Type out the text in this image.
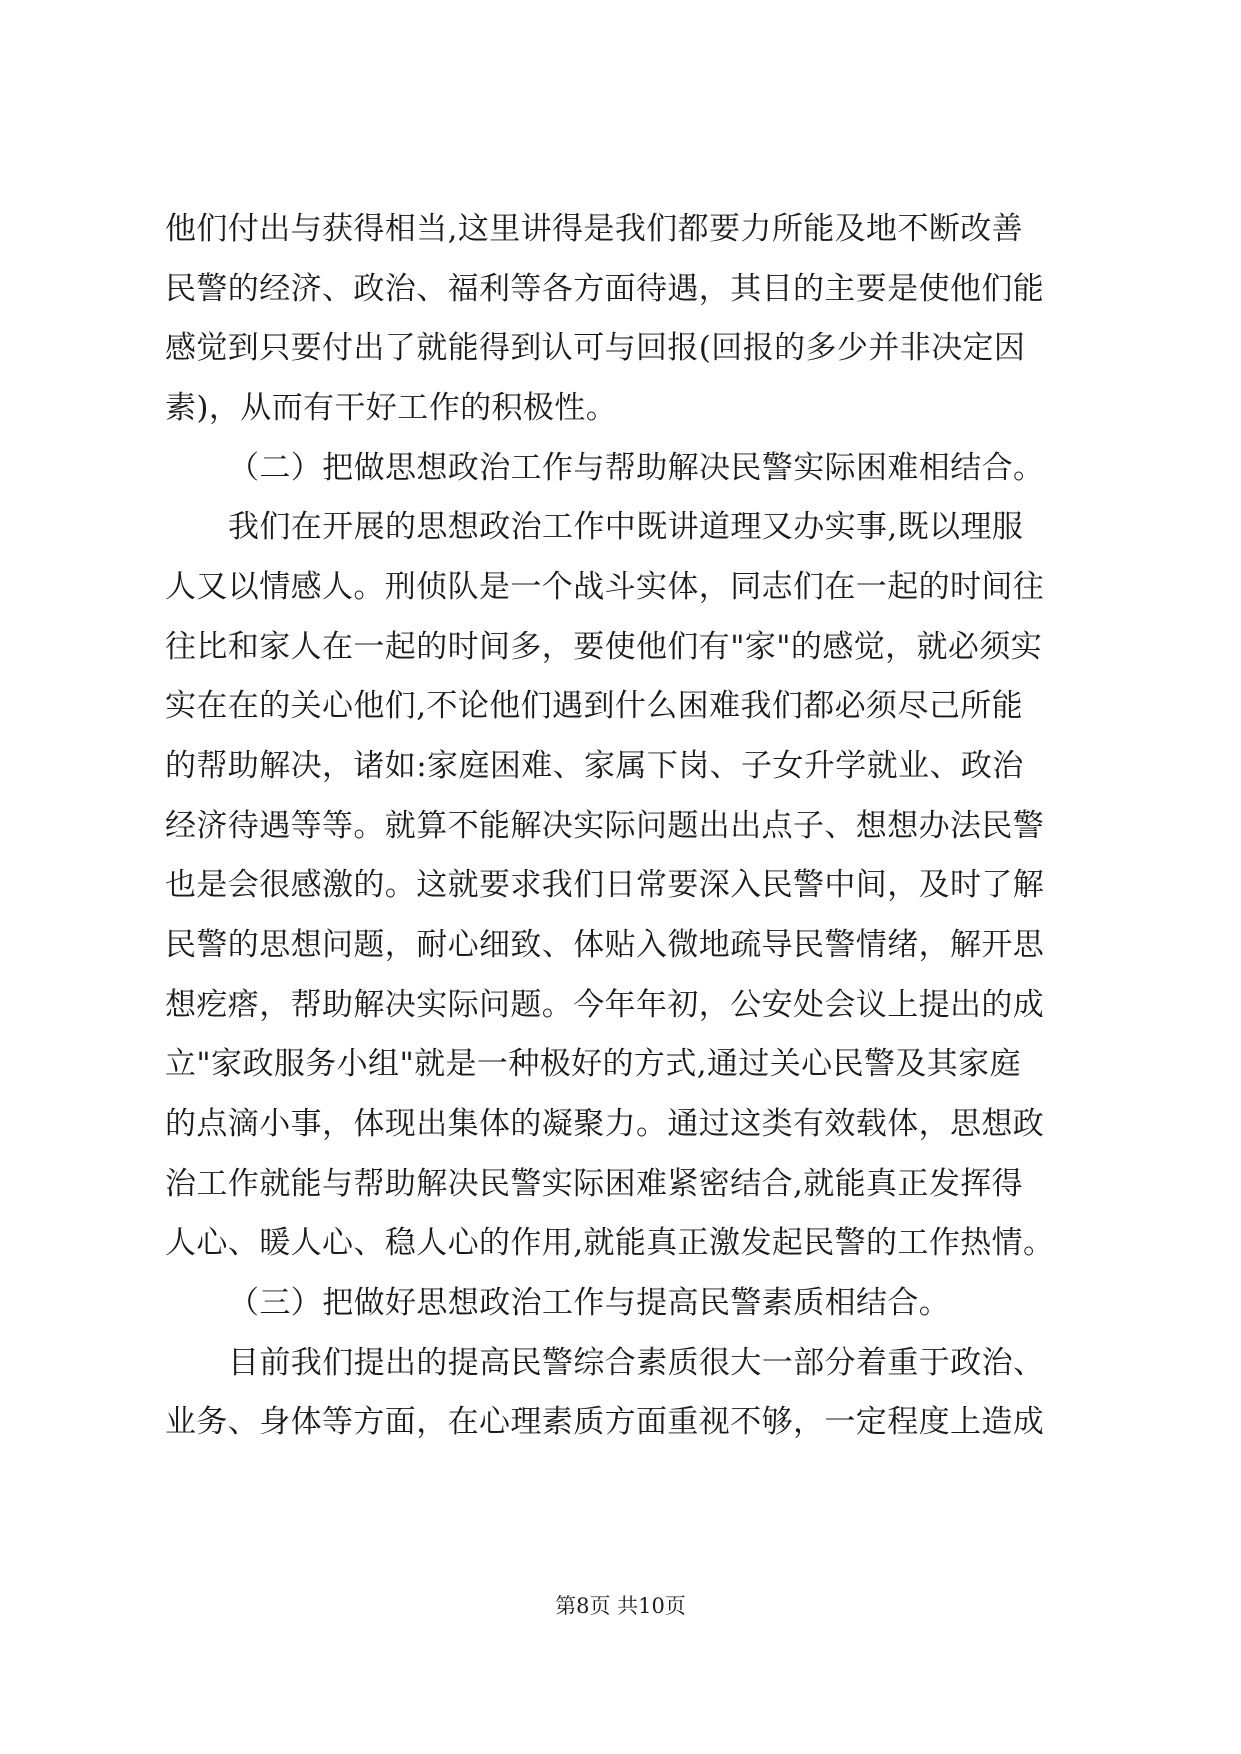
他们付出与获得相当,这里讲得是我们都要力所能及地不断改善
民警的经济、政治、福利等各方面待遇，其目的主要是使他们能
感觉到只要付出了就能得到认可与回报(回报的多少并非决定因
素)，从而有干好工作的积极性。
（二）把做思想政治工作与帮助解决民警实际困难相结合。
我们在开展的思想政治工作中既讲道理又办实事,既以理服
人又以情感人。刑侦队是一个战斗实体，同志们在一起的时间往
往比和家人在一起的时间多，要使他们有"家"的感觉，就必须实
实在在的关心他们,不论他们遇到什么困难我们都必须尽己所能
的帮助解决，诸如:家庭困难、家属下岗、子女升学就业、政治
经济待遇等等。就算不能解决实际问题出出点子、想想办法民警
也是会很感激的。这就要求我们日常要深入民警中间，及时了解
民警的思想问题，耐心细致、体贴入微地疏导民警情绪，解开思
想疙瘩，帮助解决实际问题。今年年初，公安处会议上提出的成
立"家政服务小组"就是一种极好的方式,通过关心民警及其家庭
的点滴小事，体现出集体的凝聚力。通过这类有效载体，思想政
治工作就能与帮助解决民警实际困难紧密结合,就能真正发挥得
人心、暖人心、稳人心的作用,就能真正激发起民警的工作热情。
（三）把做好思想政治工作与提高民警素质相结合。
目前我们提出的提高民警综合素质很大一部分着重于政治、
业务、身体等方面，在心理素质方面重视不够，一定程度上造成
第8页 共10页
